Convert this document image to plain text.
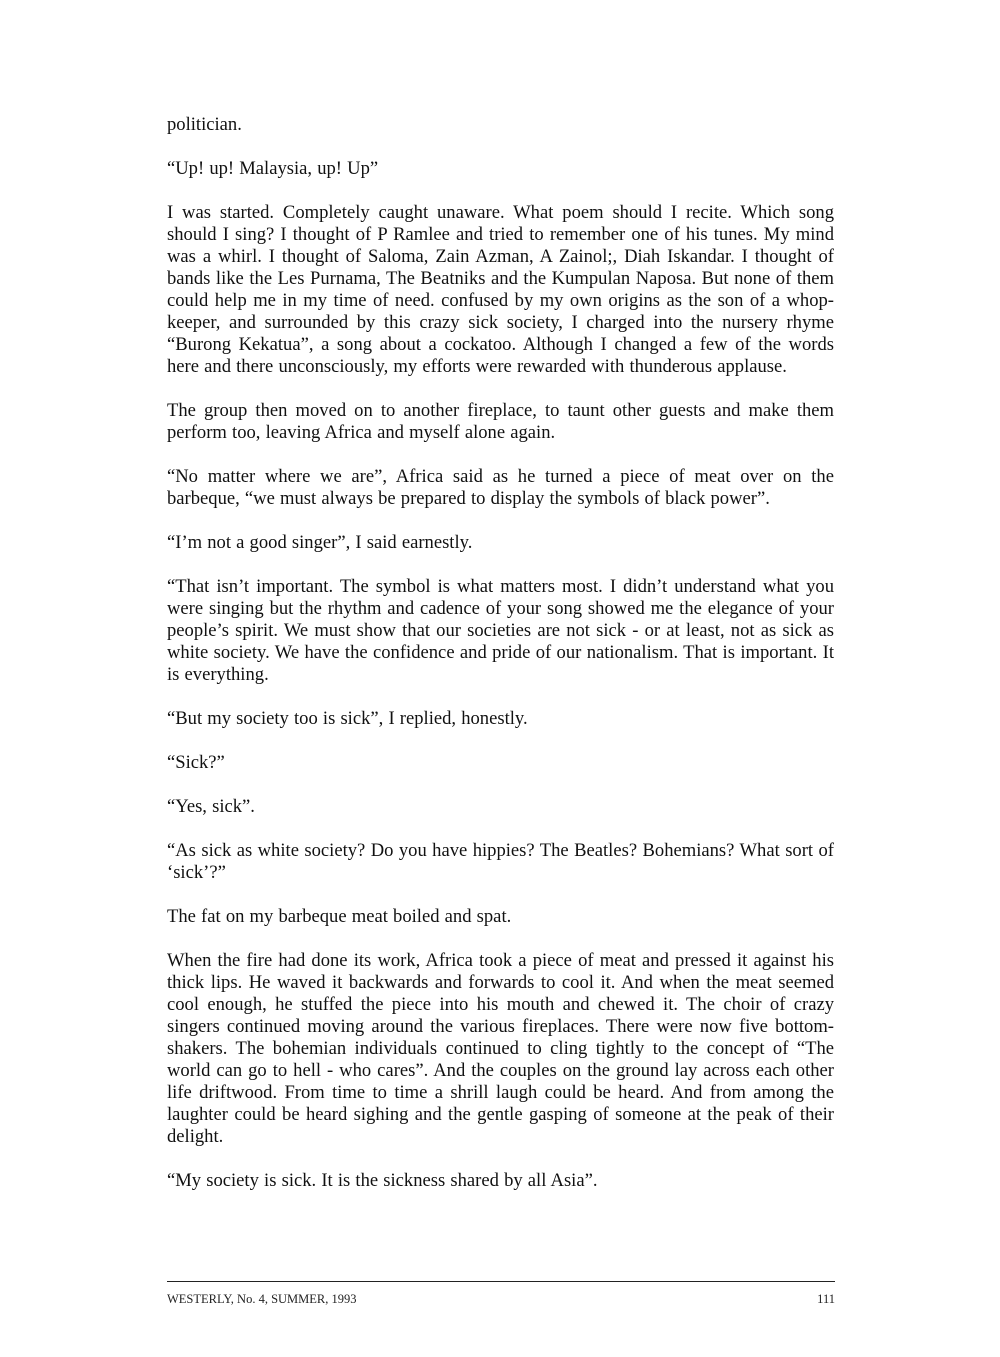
politician.

“Up! up! Malaysia, up! Up”

I was started. Completely caught unaware. What poem should I recite. Which song should I sing? I thought of P Ramlee and tried to remember one of his tunes. My mind was a whirl. I thought of Saloma, Zain Azman, A Zainol;, Diah Iskandar. I thought of bands like the Les Purnama, The Beatniks and the Kumpulan Naposa. But none of them could help me in my time of need. confused by my own origins as the son of a whop-keeper, and surrounded by this crazy sick society, I charged into the nursery rhyme “Burong Kekatua”, a song about a cockatoo. Although I changed a few of the words here and there unconsciously, my efforts were rewarded with thunderous applause.

The group then moved on to another fireplace, to taunt other guests and make them perform too, leaving Africa and myself alone again.

“No matter where we are”, Africa said as he turned a piece of meat over on the barbeque, “we must always be prepared to display the symbols of black power”.

“I’m not a good singer”, I said earnestly.

“That isn’t important. The symbol is what matters most. I didn’t understand what you were singing but the rhythm and cadence of your song showed me the elegance of your people’s spirit. We must show that our societies are not sick - or at least, not as sick as white society. We have the confidence and pride of our nationalism. That is important. It is everything.

“But my society too is sick”, I replied, honestly.

“Sick?”

“Yes, sick”.

“As sick as white society? Do you have hippies? The Beatles? Bohemians? What sort of ‘sick’?”

The fat on my barbeque meat boiled and spat.

When the fire had done its work, Africa took a piece of meat and pressed it against his thick lips. He waved it backwards and forwards to cool it. And when the meat seemed cool enough, he stuffed the piece into his mouth and chewed it. The choir of crazy singers continued moving around the various fireplaces. There were now five bottom-shakers. The bohemian individuals continued to cling tightly to the concept of “The world can go to hell - who cares”. And the couples on the ground lay across each other life driftwood. From time to time a shrill laugh could be heard. And from among the laughter could be heard sighing and the gentle gasping of someone at the peak of their delight.

“My society is sick. It is the sickness shared by all Asia”.

WESTERLY, No. 4, SUMMER, 1993	111
